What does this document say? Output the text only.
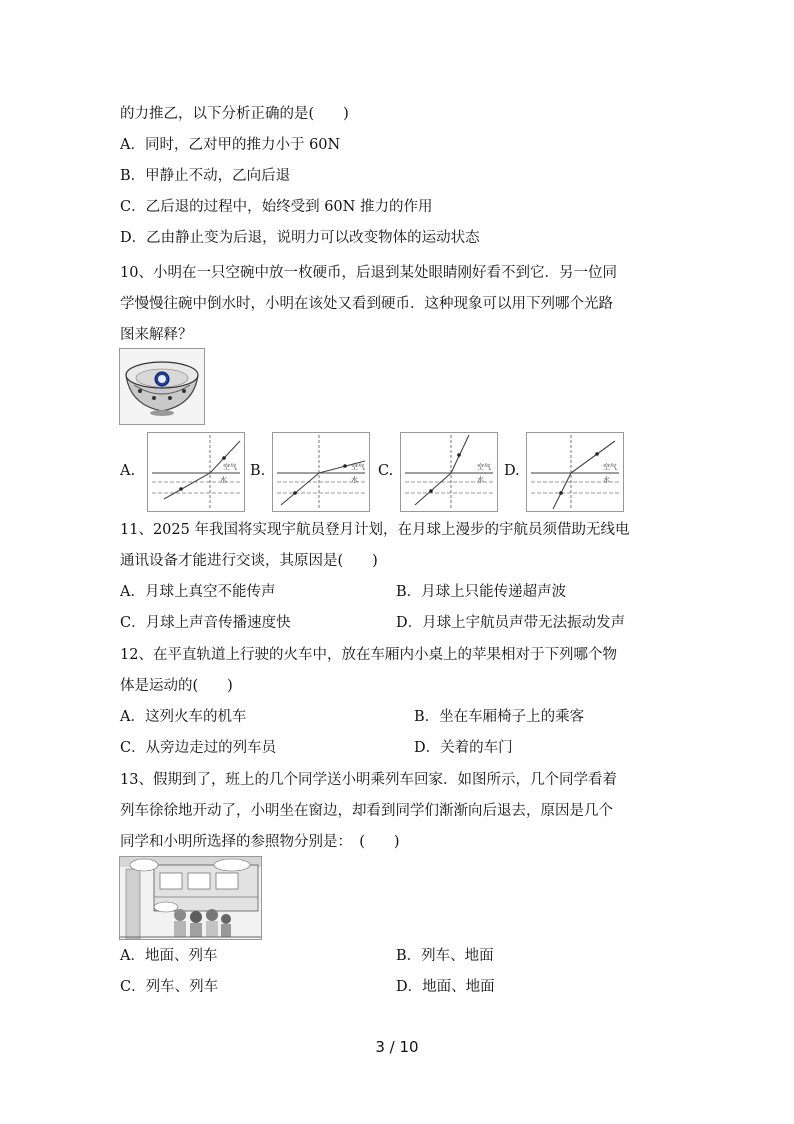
的力推乙，以下分析正确的是(　　)
A．同时，乙对甲的推力小于 60N
B．甲静止不动，乙向后退
C．乙后退的过程中，始终受到 60N 推力的作用
D．乙由静止变为后退，说明力可以改变物体的运动状态
10、小明在一只空碗中放一枚硬币，后退到某处眼睛刚好看不到它．另一位同
学慢慢往碗中倒水时，小明在该处又看到硬币．这种现象可以用下列哪个光路
图来解释？
A.	空气
水
B.	空气
水
C.	空气
水
D.	空气
水
11、2025 年我国将实现宇航员登月计划，在月球上漫步的宇航员须借助无线电
通讯设备才能进行交谈，其原因是(　　)
A．月球上真空不能传声	B．月球上只能传递超声波
C．月球上声音传播速度快	D．月球上宇航员声带无法振动发声
12、在平直轨道上行驶的火车中，放在车厢内小桌上的苹果相对于下列哪个物
体是运动的(　　)
A．这列火车的机车	B．坐在车厢椅子上的乘客
C．从旁边走过的列车员	D．关着的车门
13、假期到了，班上的几个同学送小明乘列车回家．如图所示，几个同学看着
列车徐徐地开动了，小明坐在窗边，却看到同学们渐渐向后退去，原因是几个
同学和小明所选择的参照物分别是：　(　　)
A．地面、列车	B．列车、地面
C．列车、列车	D．地面、地面
3 / 10
